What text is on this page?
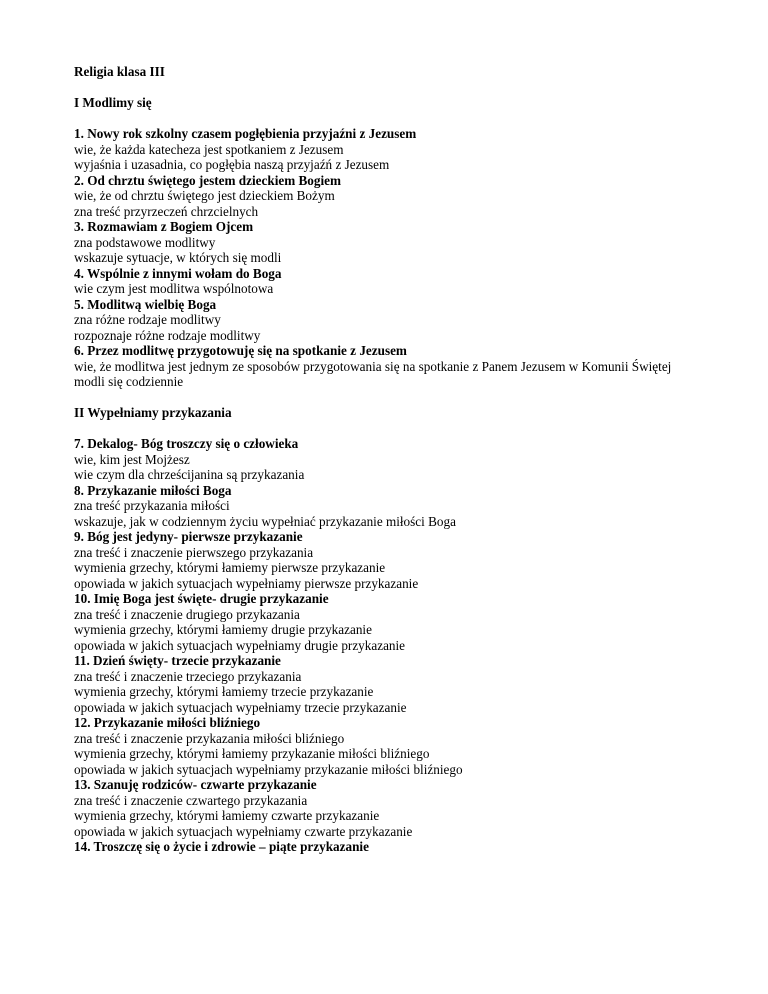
Religia klasa III
I Modlimy się
1. Nowy rok szkolny czasem pogłębienia przyjaźni z Jezusem
wie, że każda katecheza jest spotkaniem z Jezusem
wyjaśnia i uzasadnia, co pogłębia naszą przyjaźń z Jezusem
2. Od chrztu świętego jestem dzieckiem Bogiem
wie, że od chrztu świętego jest dzieckiem Bożym
zna treść przyrzeczeń chrzcielnych
3. Rozmawiam z Bogiem Ojcem
zna podstawowe modlitwy
wskazuje sytuacje, w których się modli
4. Wspólnie z innymi wołam do Boga
wie czym jest modlitwa wspólnotowa
5. Modlitwą wielbię Boga
zna różne rodzaje modlitwy
rozpoznaje różne rodzaje modlitwy
6. Przez modlitwę przygotowuję się na spotkanie z Jezusem
wie, że modlitwa jest jednym ze sposobów przygotowania się na spotkanie z Panem Jezusem w Komunii Świętej
modli się codziennie
II Wypełniamy przykazania
7. Dekalog- Bóg troszczy się o człowieka
wie, kim jest Mojżesz
wie czym dla chrześcijanina są przykazania
8. Przykazanie miłości Boga
zna treść przykazania miłości
wskazuje, jak w codziennym życiu wypełniać przykazanie miłości Boga
9. Bóg jest jedyny- pierwsze przykazanie
zna treść i znaczenie pierwszego przykazania
wymienia grzechy, którymi łamiemy pierwsze przykazanie
opowiada w jakich sytuacjach wypełniamy pierwsze przykazanie
10. Imię Boga jest święte- drugie przykazanie
zna treść i znaczenie drugiego przykazania
wymienia grzechy, którymi łamiemy drugie przykazanie
opowiada w jakich sytuacjach wypełniamy drugie przykazanie
11. Dzień święty- trzecie przykazanie
zna treść i znaczenie trzeciego przykazania
wymienia grzechy, którymi łamiemy trzecie przykazanie
opowiada w jakich sytuacjach wypełniamy trzecie przykazanie
12. Przykazanie miłości bliźniego
zna treść i znaczenie przykazania miłości bliźniego
wymienia grzechy, którymi łamiemy przykazanie miłości bliźniego
opowiada w jakich sytuacjach wypełniamy przykazanie miłości bliźniego
13. Szanuję rodziców- czwarte przykazanie
zna treść i znaczenie czwartego przykazania
wymienia grzechy, którymi łamiemy czwarte przykazanie
opowiada w jakich sytuacjach wypełniamy czwarte przykazanie
14. Troszczę się o życie i zdrowie – piąte przykazanie
